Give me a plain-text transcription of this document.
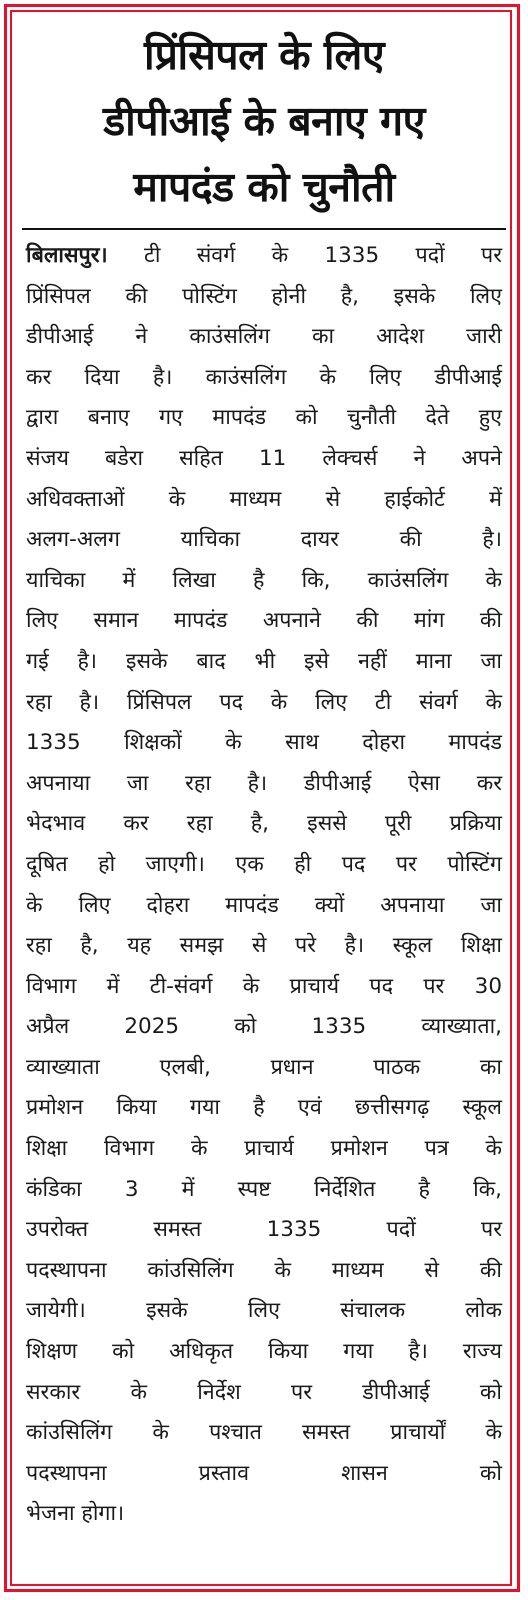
प्रिंसिपल के लिए
डीपीआई के बनाए गए
मापदंड को चुनौती
बिलासपुर। टी संवर्ग के 1335 पदों पर
प्रिंसिपल की पोस्टिंग होनी है, इसके लिए
डीपीआई ने काउंसलिंग का आदेश जारी
कर दिया है। काउंसलिंग के लिए डीपीआई
द्वारा बनाए गए मापदंड को चुनौती देते हुए
संजय बडेरा सहित 11 लेक्चर्स ने अपने
अधिवक्ताओं के माध्यम से हाईकोर्ट में
अलग-अलग याचिका दायर की है।
याचिका में लिखा है कि, काउंसलिंग के
लिए समान मापदंड अपनाने की मांग की
गई है। इसके बाद भी इसे नहीं माना जा
रहा है। प्रिंसिपल पद के लिए टी संवर्ग के
1335 शिक्षकों के साथ दोहरा मापदंड
अपनाया जा रहा है। डीपीआई ऐसा कर
भेदभाव कर रहा है, इससे पूरी प्रक्रिया
दूषित हो जाएगी। एक ही पद पर पोस्टिंग
के लिए दोहरा मापदंड क्यों अपनाया जा
रहा है, यह समझ से परे है। स्कूल शिक्षा
विभाग में टी-संवर्ग के प्राचार्य पद पर 30
अप्रैल 2025 को 1335 व्याख्याता,
व्याख्याता एलबी, प्रधान पाठक का
प्रमोशन किया गया है एवं छत्तीसगढ़ स्कूल
शिक्षा विभाग के प्राचार्य प्रमोशन पत्र के
कंडिका 3 में स्पष्ट निर्देशित है कि,
उपरोक्त समस्त 1335 पदों पर
पदस्थापना कांउसिलिंग के माध्यम से की
जायेगी। इसके लिए संचालक लोक
शिक्षण को अधिकृत किया गया है। राज्य
सरकार के निर्देश पर डीपीआई को
कांउसिलिंग के पश्चात समस्त प्राचार्यों के
पदस्थापना प्रस्ताव शासन को
भेजना होगा।
